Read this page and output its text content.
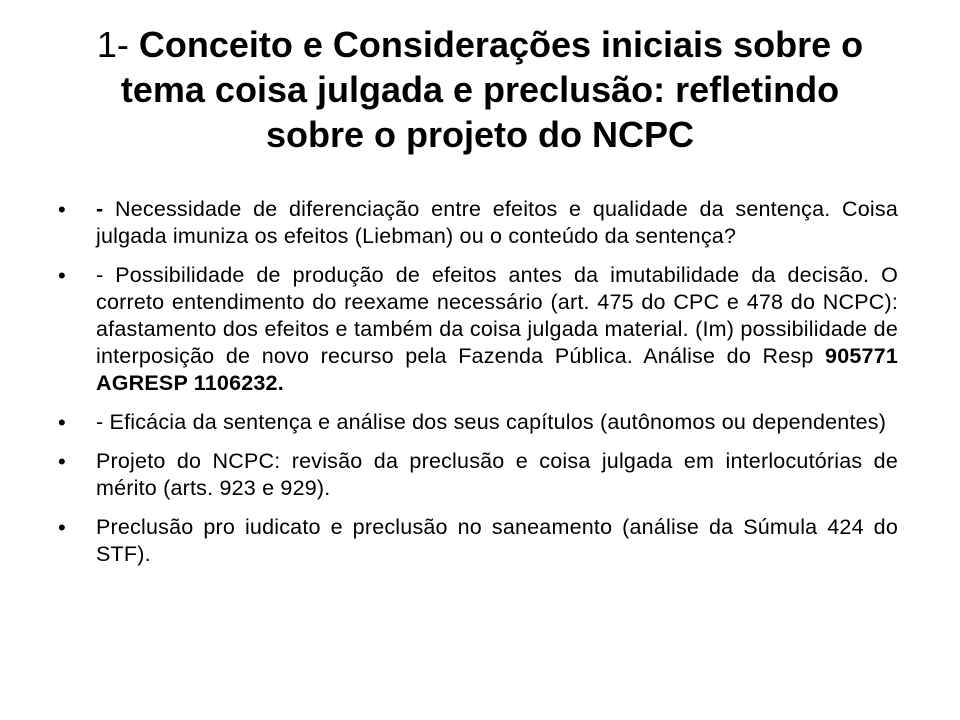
1- Conceito e Considerações iniciais sobre o
tema coisa julgada e preclusão: refletindo
sobre o projeto do NCPC
• - Necessidade de diferenciação entre efeitos e qualidade da sentença. Coisa julgada imuniza os efeitos (Liebman) ou o conteúdo da sentença?
• - Possibilidade de produção de efeitos antes da imutabilidade da decisão. O correto entendimento do reexame necessário (art. 475 do CPC e 478 do NCPC): afastamento dos efeitos e também da coisa julgada material. (Im) possibilidade de interposição de novo recurso pela Fazenda Pública. Análise do Resp 905771 AGRESP 1106232.
• - Eficácia da sentença e análise dos seus capítulos (autônomos ou dependentes)
• Projeto do NCPC: revisão da preclusão e coisa julgada em interlocutórias de mérito (arts. 923 e 929).
• Preclusão pro iudicato e preclusão no saneamento (análise da Súmula 424 do STF).
